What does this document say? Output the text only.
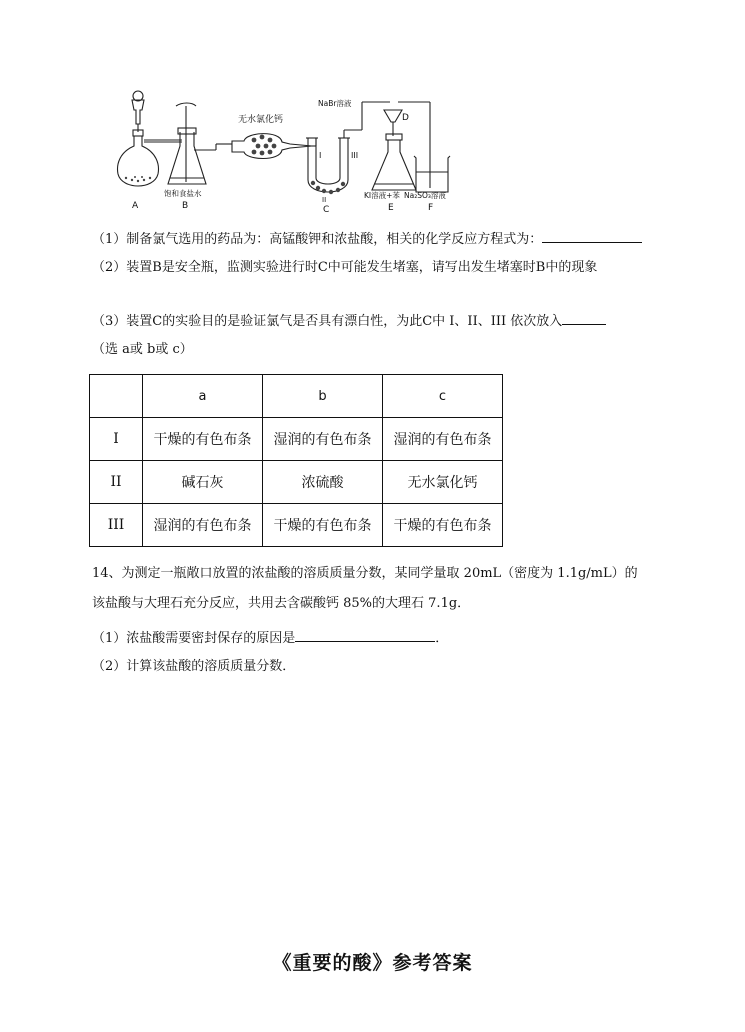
A	B
饱和食盐水
无水氯化钙
I
II
III
C
NaBr溶液
D
KI溶液+苯 Na₂SO₃溶液
E	F
（1）制备氯气选用的药品为：高锰酸钾和浓盐酸，相关的化学反应方程式为：
（2）装置B是安全瓶，监测实验进行时C中可能发生堵塞，请写出发生堵塞时B中的现象
（3）装置C的实验目的是验证氯气是否具有漂白性，为此C中 I、II、III 依次放入
（选 a或 b或 c）
	a	b	c
I	干燥的有色布条	湿润的有色布条	湿润的有色布条
II	碱石灰	浓硫酸	无水氯化钙
III	湿润的有色布条	干燥的有色布条	干燥的有色布条
14、为测定一瓶敞口放置的浓盐酸的溶质质量分数，某同学量取 20mL（密度为 1.1g/mL）的
该盐酸与大理石充分反应，共用去含碳酸钙 85%的大理石 7.1g．
（1）浓盐酸需要密封保存的原因是	．
（2）计算该盐酸的溶质质量分数．
《重要的酸》参考答案
